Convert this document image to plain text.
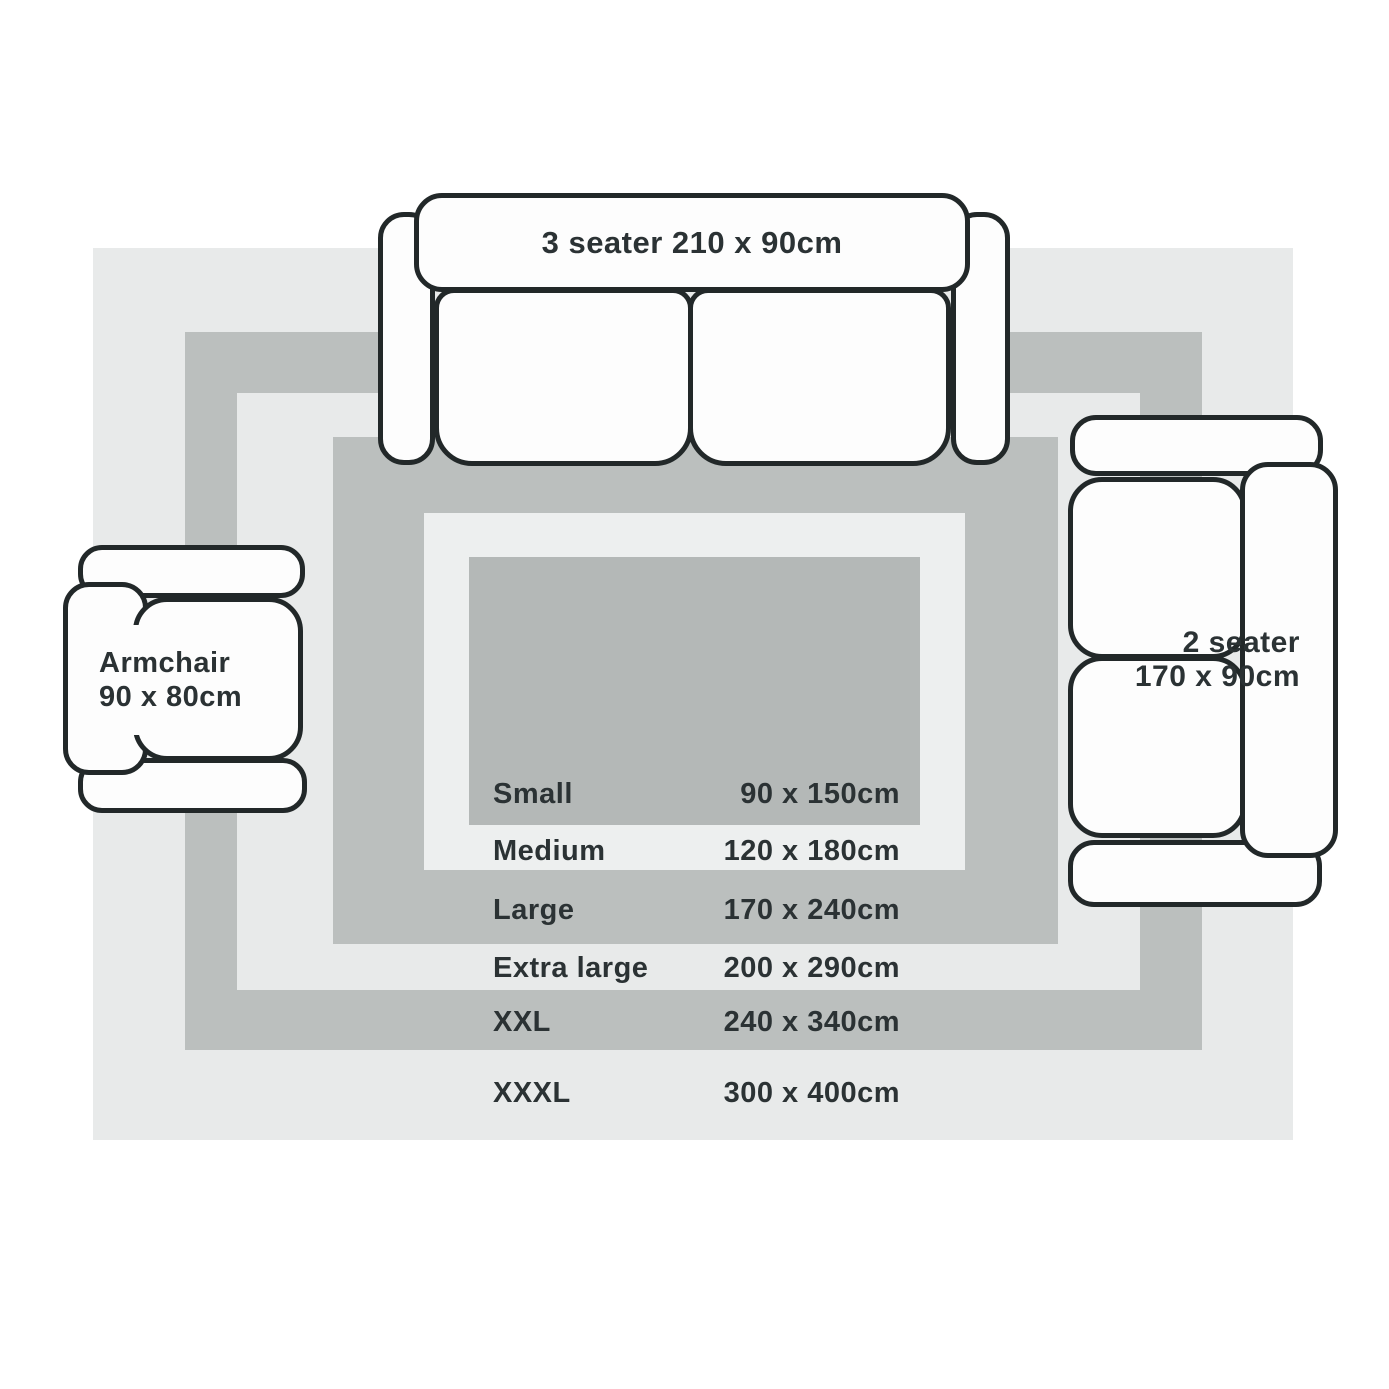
3 seater 210 x 90cm
2 seater
170 x 90cm
Armchair
90 x 80cm
Small	90 x 150cm
Medium	120 x 180cm
Large	170 x 240cm
Extra large	200 x 290cm
XXL	240 x 340cm
XXXL	300 x 400cm
